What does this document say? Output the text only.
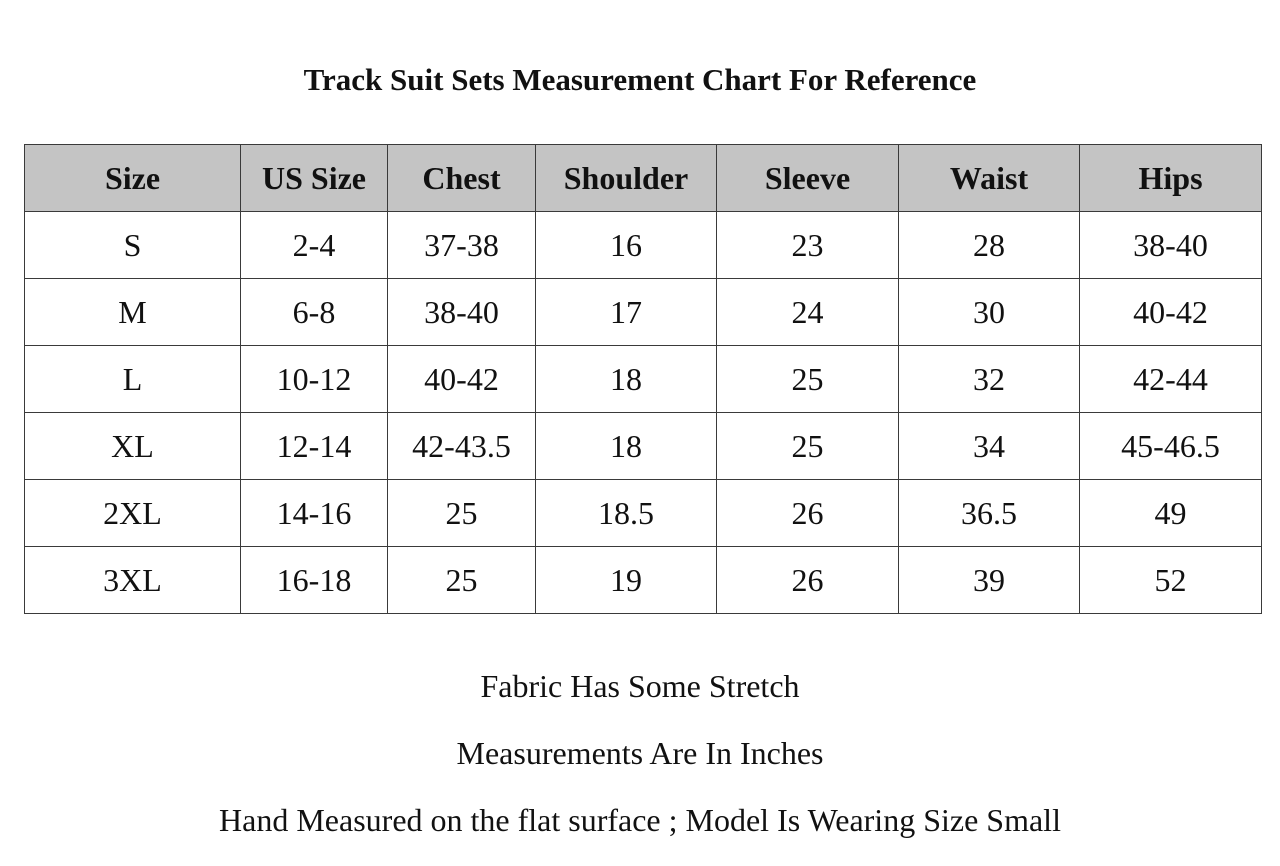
Track Suit Sets Measurement Chart For Reference
Size	US Size	Chest	Shoulder	Sleeve	Waist	Hips
S	2-4	37-38	16	23	28	38-40
M	6-8	38-40	17	24	30	40-42
L	10-12	40-42	18	25	32	42-44
XL	12-14	42-43.5	18	25	34	45-46.5
2XL	14-16	25	18.5	26	36.5	49
3XL	16-18	25	19	26	39	52
Fabric Has Some Stretch
Measurements Are In Inches
Hand Measured on the flat surface ; Model Is Wearing Size Small
